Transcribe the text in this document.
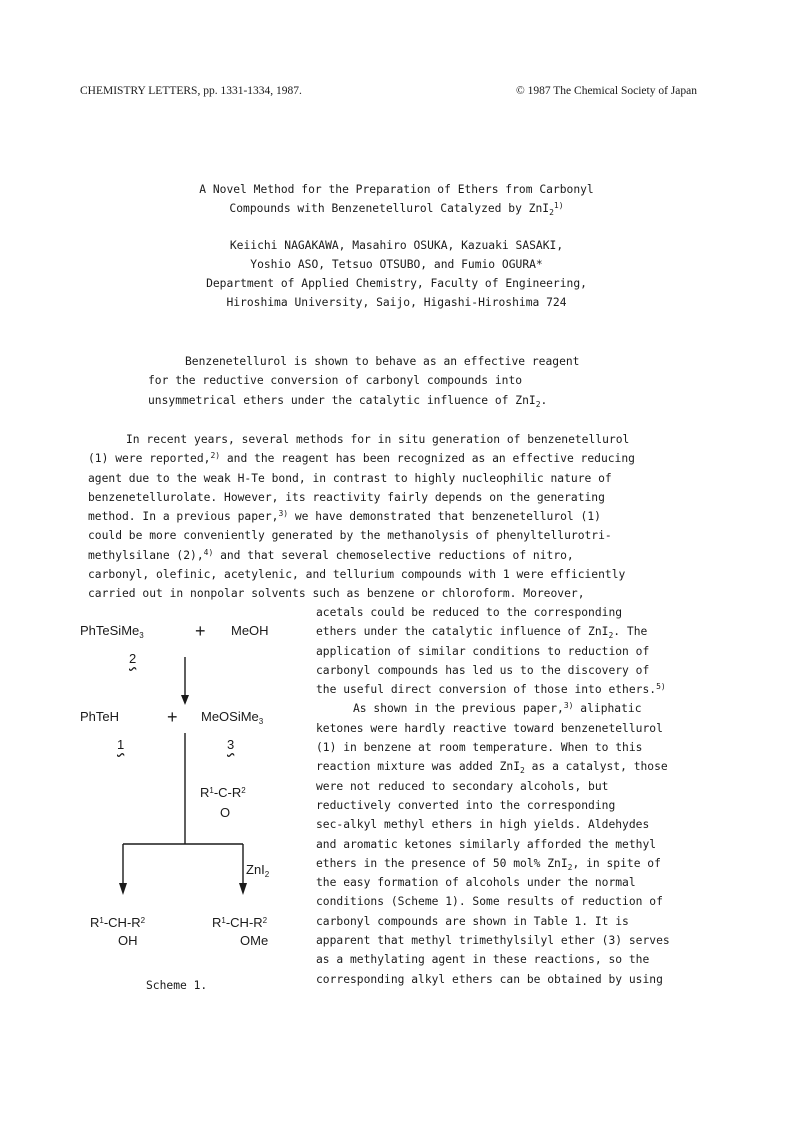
CHEMISTRY LETTERS, pp. 1331-1334, 1987.	© 1987 The Chemical Society of Japan
A Novel Method for the Preparation of Ethers from Carbonyl
Compounds with Benzenetellurol Catalyzed by ZnI$_2^{1)}$
Keiichi NAGAKAWA, Masahiro OSUKA, Kazuaki SASAKI,
Yoshio ASO, Tetsuo OTSUBO, and Fumio OGURA*
Department of Applied Chemistry, Faculty of Engineering,
Hiroshima University, Saijo, Higashi-Hiroshima 724
Benzenetellurol is shown to behave as an effective reagent
for the reductive conversion of carbonyl compounds into
unsymmetrical ethers under the catalytic influence of ZnI$_2$.
In recent years, several methods for in situ generation of benzenetellurol
(1) were reported,$^{2)}$ and the reagent has been recognized as an effective reducing
agent due to the weak H-Te bond, in contrast to highly nucleophilic nature of
benzenetellurolate. However, its reactivity fairly depends on the generating
method. In a previous paper,$^{3)}$ we have demonstrated that benzenetellurol (1)
could be more conveniently generated by the methanolysis of phenyltellurotri-
methylsilane (2),$^{4)}$ and that several chemoselective reductions of nitro,
carbonyl, olefinic, acetylenic, and tellurium compounds with 1 were efficiently
carried out in nonpolar solvents such as benzene or chloroform. Moreover,
acetals could be reduced to the corresponding
ethers under the catalytic influence of ZnI$_2$. The
application of similar conditions to reduction of
carbonyl compounds has led us to the discovery of
the useful direct conversion of those into ethers.$^{5)}$
As shown in the previous paper,$^{3)}$ aliphatic
ketones were hardly reactive toward benzenetellurol
(1) in benzene at room temperature. When to this
reaction mixture was added ZnI$_2$ as a catalyst, those
were not reduced to secondary alcohols, but
reductively converted into the corresponding
sec-alkyl methyl ethers in high yields. Aldehydes
and aromatic ketones similarly afforded the methyl
ethers in the presence of 50 mol% ZnI$_2$, in spite of
the easy formation of alcohols under the normal
conditions (Scheme 1). Some results of reduction of
carbonyl compounds are shown in Table 1. It is
apparent that methyl trimethylsilyl ether (3) serves
as a methylating agent in these reactions, so the
corresponding alkyl ethers can be obtained by using
PhTeSiMe$_3$	+ MeOH
2
PhTeH	+ MeOSiMe$_3$
1	3
$R^1-C-R^2$
O
ZnI$_2$
$R^1-CH-R^2$
OH
$R^1-CH-R^2$
OMe
Scheme 1.
